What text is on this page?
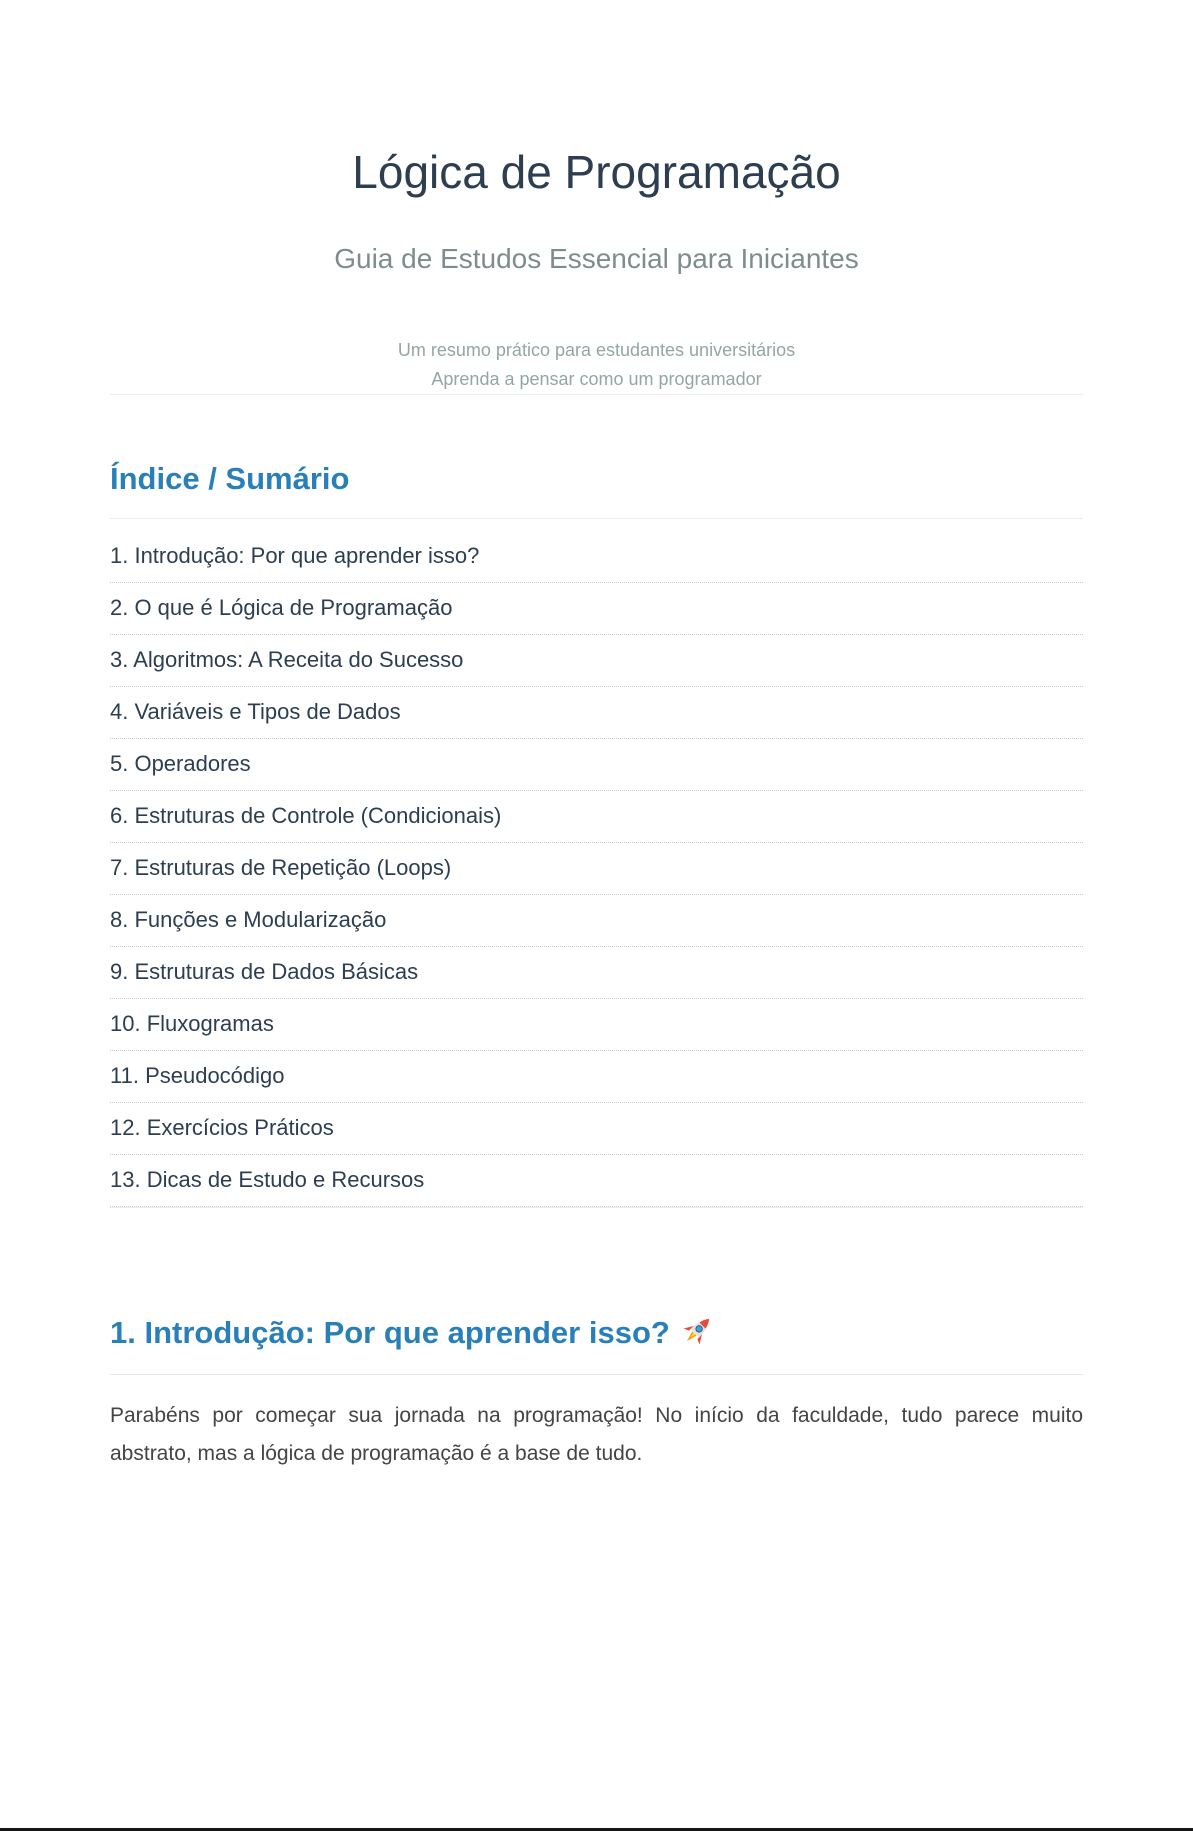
Lógica de Programação
Guia de Estudos Essencial para Iniciantes
Um resumo prático para estudantes universitários
Aprenda a pensar como um programador
Índice / Sumário
1. Introdução: Por que aprender isso?
2. O que é Lógica de Programação
3. Algoritmos: A Receita do Sucesso
4. Variáveis e Tipos de Dados
5. Operadores
6. Estruturas de Controle (Condicionais)
7. Estruturas de Repetição (Loops)
8. Funções e Modularização
9. Estruturas de Dados Básicas
10. Fluxogramas
11. Pseudocódigo
12. Exercícios Práticos
13. Dicas de Estudo e Recursos
1. Introdução: Por que aprender isso?

Parabéns por começar sua jornada na programação! No início da faculdade, tudo parece muito abstrato, mas a lógica de programação é a base de tudo.
